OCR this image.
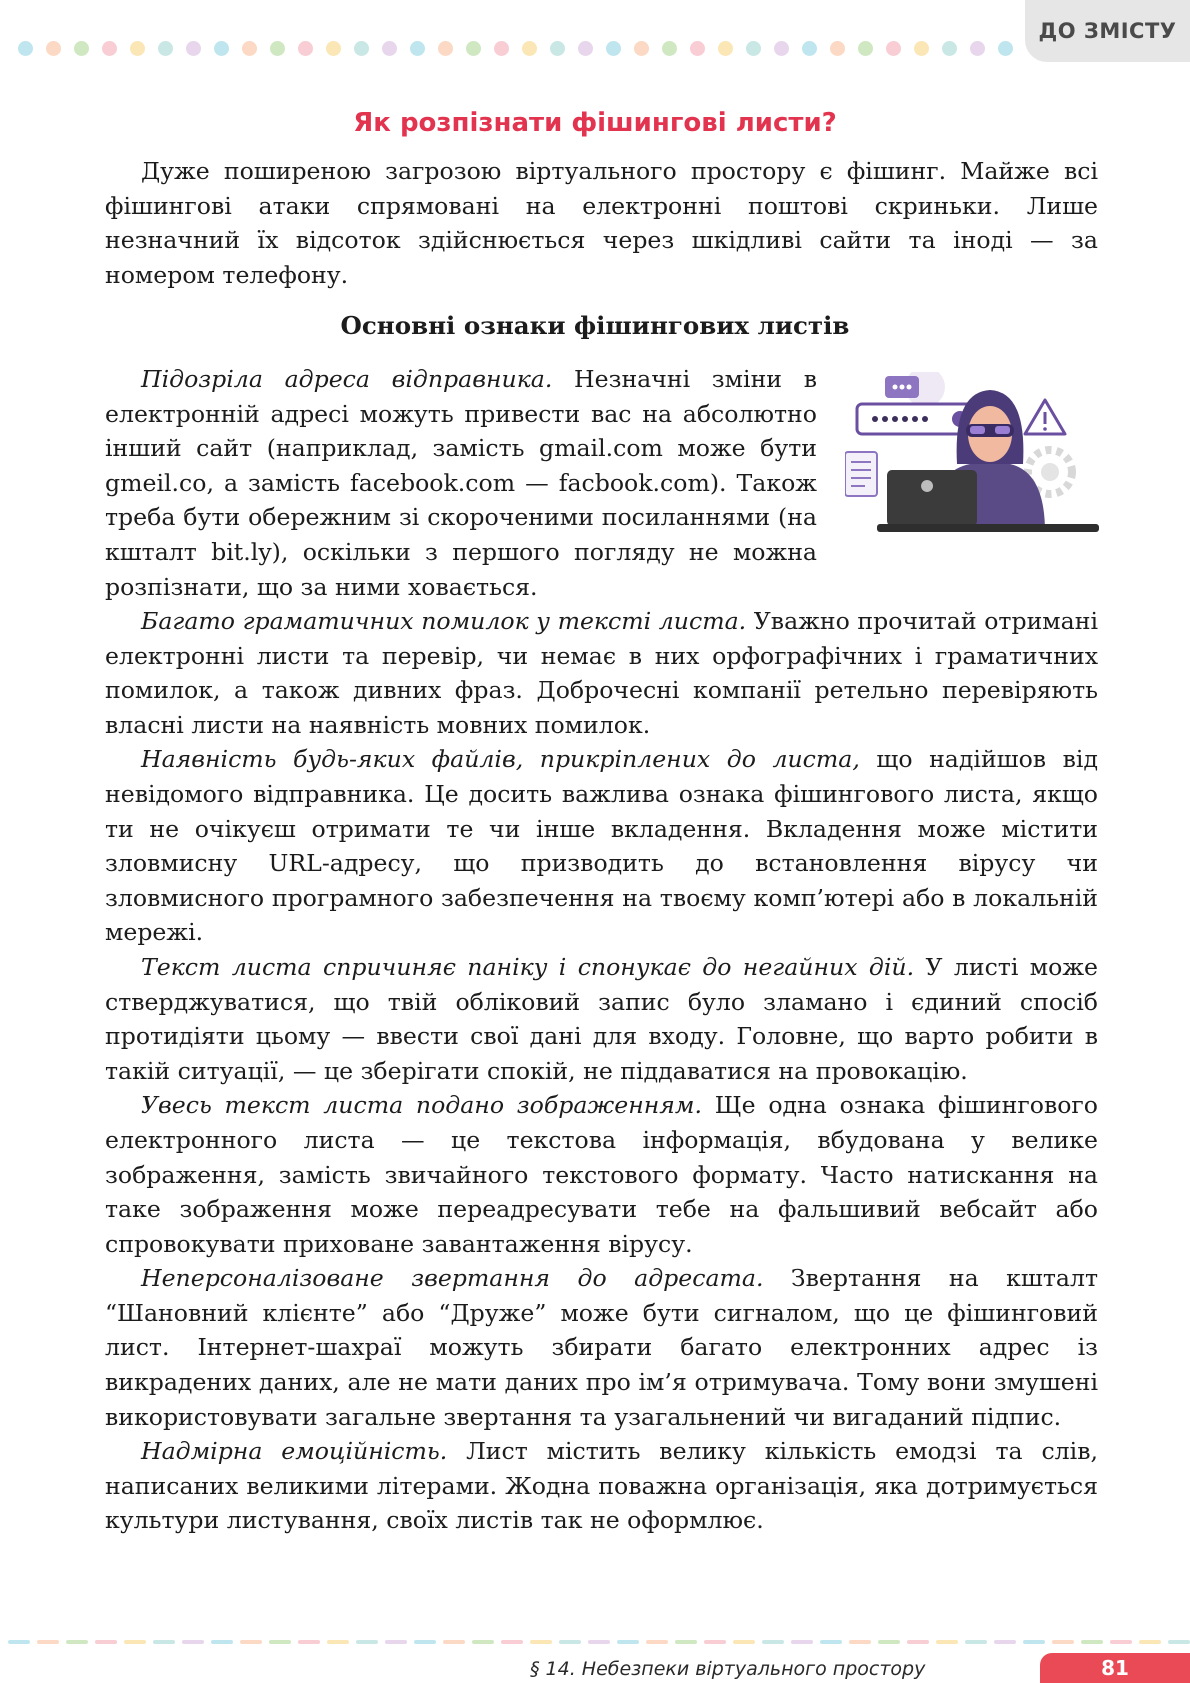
ДО ЗМІСТУ
Як розпізнати фішингові листи?

Дуже поширеною загрозою віртуального простору є фішинг. Майже всі фішингові атаки спрямовані на електронні поштові скриньки. Лише незначний їх відсоток здійснюється через шкідливі сайти та іноді — за номером телефону.

Основні ознаки фішингових листів

Підозріла адреса відправника. Незначні зміни в електронній адресі можуть привести вас на абсолютно інший сайт (наприклад, замість gmail.com може бути gmeil.co, а замість facebook.com — facbook.com). Також треба бути обережним зі скороченими посиланнями (на кшталт bit.ly), оскільки з першого погляду не можна розпізнати, що за ними ховається.

Багато граматичних помилок у тексті листа. Уважно прочитай отримані електронні листи та перевір, чи немає в них орфографічних і граматичних помилок, а також дивних фраз. Доброчесні компанії ретельно перевіряють власні листи на наявність мовних помилок.

Наявність будь-яких файлів, прикріплених до листа, що надійшов від невідомого відправника. Це досить важлива ознака фішингового листа, якщо ти не очікуєш отримати те чи інше вкладення. Вкладення може містити зловмисну URL-адресу, що призводить до встановлення вірусу чи зловмисного програмного забезпечення на твоєму комп’ютері або в локальній мережі.

Текст листа спричиняє паніку і спонукає до негайних дій. У листі може стверджуватися, що твій обліковий запис було зламано і єдиний спосіб протидіяти цьому — ввести свої дані для входу. Головне, що варто робити в такій ситуації, — це зберігати спокій, не піддаватися на провокацію.

Увесь текст листа подано зображенням. Ще одна ознака фішингового електронного листа — це текстова інформація, вбудована у велике зображення, замість звичайного текстового формату. Часто натискання на таке зображення може переадресувати тебе на фальшивий вебсайт або спровокувати приховане завантаження вірусу.

Неперсоналізоване звертання до адресата. Звертання на кшталт “Шановний клієнте” або “Друже” може бути сигналом, що це фішинговий лист. Інтернет-шахраї можуть збирати багато електронних адрес із викрадених даних, але не мати даних про ім’я отримувача. Тому вони змушені використовувати загальне звертання та узагальнений чи вигаданий підпис.

Надмірна емоційність. Лист містить велику кількість емодзі та слів, написаних великими літерами. Жодна поважна організація, яка дотримується культури листування, своїх листів так не оформлює.

§ 14. Небезпеки віртуального простору	81
